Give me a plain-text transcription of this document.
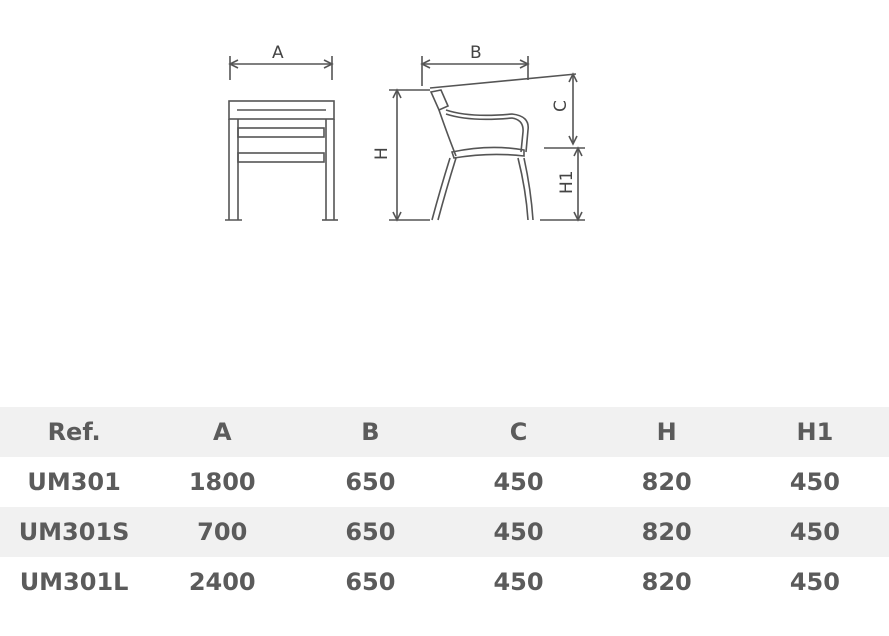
A	B
H
C
H1
Ref.	A	B	C	H	H1
UM301	1800	650	450	820	450
UM301S	700	650	450	820	450
UM301L	2400	650	450	820	450
